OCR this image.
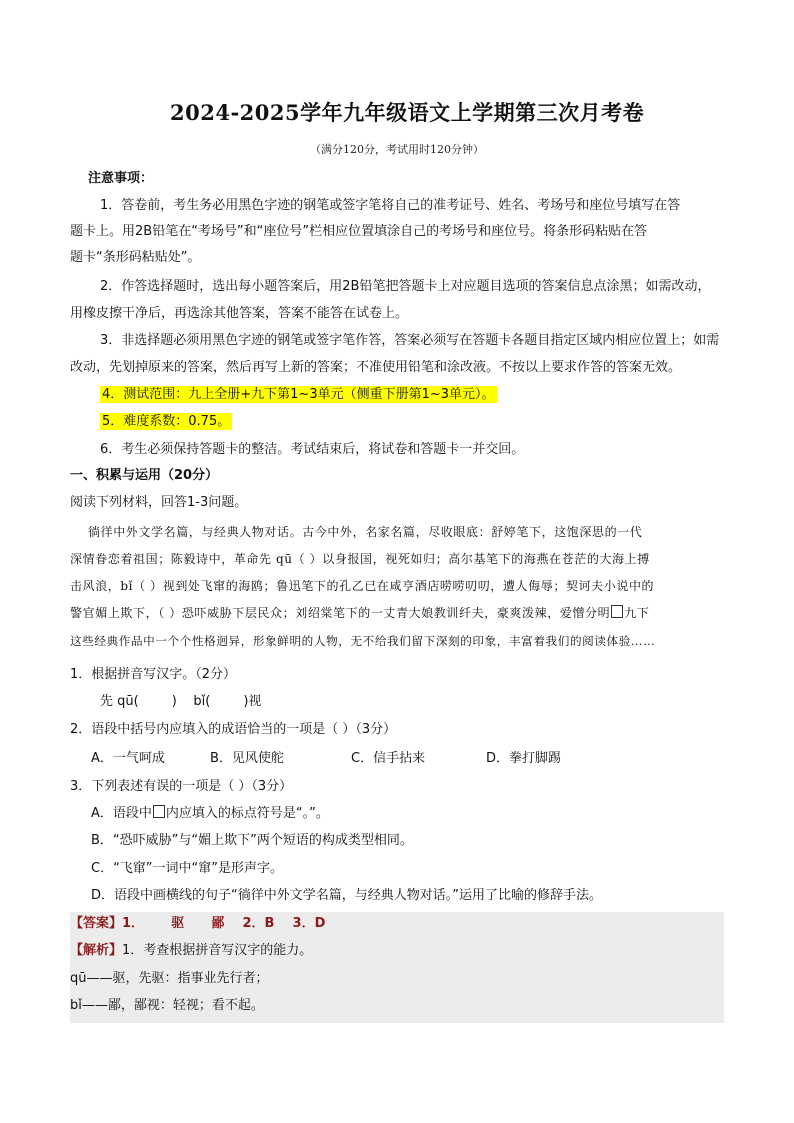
2024-2025学年九年级语文上学期第三次月考卷
（满分120分，考试用时120分钟）
注意事项：
1．答卷前，考生务必用黑色字迹的钢笔或签字笔将自己的准考证号、姓名、考场号和座位号填写在答
题卡上。用2B铅笔在“考场号”和“座位号”栏相应位置填涂自己的考场号和座位号。将条形码粘贴在答
题卡“条形码粘贴处”。
2．作答选择题时，选出每小题答案后，用2B铅笔把答题卡上对应题目选项的答案信息点涂黑；如需改动，
用橡皮擦干净后，再选涂其他答案，答案不能答在试卷上。
3．非选择题必须用黑色字迹的钢笔或签字笔作答，答案必须写在答题卡各题目指定区域内相应位置上；如需
改动，先划掉原来的答案，然后再写上新的答案；不准使用铅笔和涂改液。不按以上要求作答的答案无效。
4．测试范围：九上全册+九下第1~3单元（侧重下册第1~3单元）。
5．难度系数：0.75。
6．考生必须保持答题卡的整洁。考试结束后，将试卷和答题卡一并交回。
一、积累与运用（20分）
阅读下列材料，回答1-3问题。
徜徉中外文学名篇，与经典人物对话。古今中外，名家名篇，尽收眼底：舒婷笔下，这饱深思的一代
深情眷恋着祖国；陈毅诗中，革命先 qū（ ）以身报国，视死如归；高尔基笔下的海燕在苍茫的大海上搏
击风浪，bǐ（ ）视到处飞窜的海鸥；鲁迅笔下的孔乙已在咸亨酒店唠唠叨叨，遭人侮辱；契诃夫小说中的
警官媚上欺下，（ ）恐吓威胁下层民众；刘绍棠笔下的一丈青大娘教训纤夫，豪爽泼辣，爱憎分明 九下
这些经典作品中一个个性格迥异，形象鲜明的人物，无不给我们留下深刻的印象，丰富着我们的阅读体验……
1．根据拼音写汉字。（2分）
先 qū(        )    bǐ(        )视
2．语段中括号内应填入的成语恰当的一项是（ ）（3分）
A．一气呵成	B．见风使舵	C．信手拈来	D．拳打脚踢
3．下列表述有误的一项是（ ）（3分）
A．语段中 内应填入的标点符号是“。”。
B．“恐吓威胁”与“媚上欺下”两个短语的构成类型相同。
C．“飞窜”一词中“窜”是形声字。
D．语段中画横线的句子“徜徉中外文学名篇，与经典人物对话。”运用了比喻的修辞手法。
【答案】1．      驱      鄙    2．B    3．D
【解析】1．考查根据拼音写汉字的能力。
qū——驱，先驱：指事业先行者；
bǐ——鄙，鄙视：轻视；看不起。
